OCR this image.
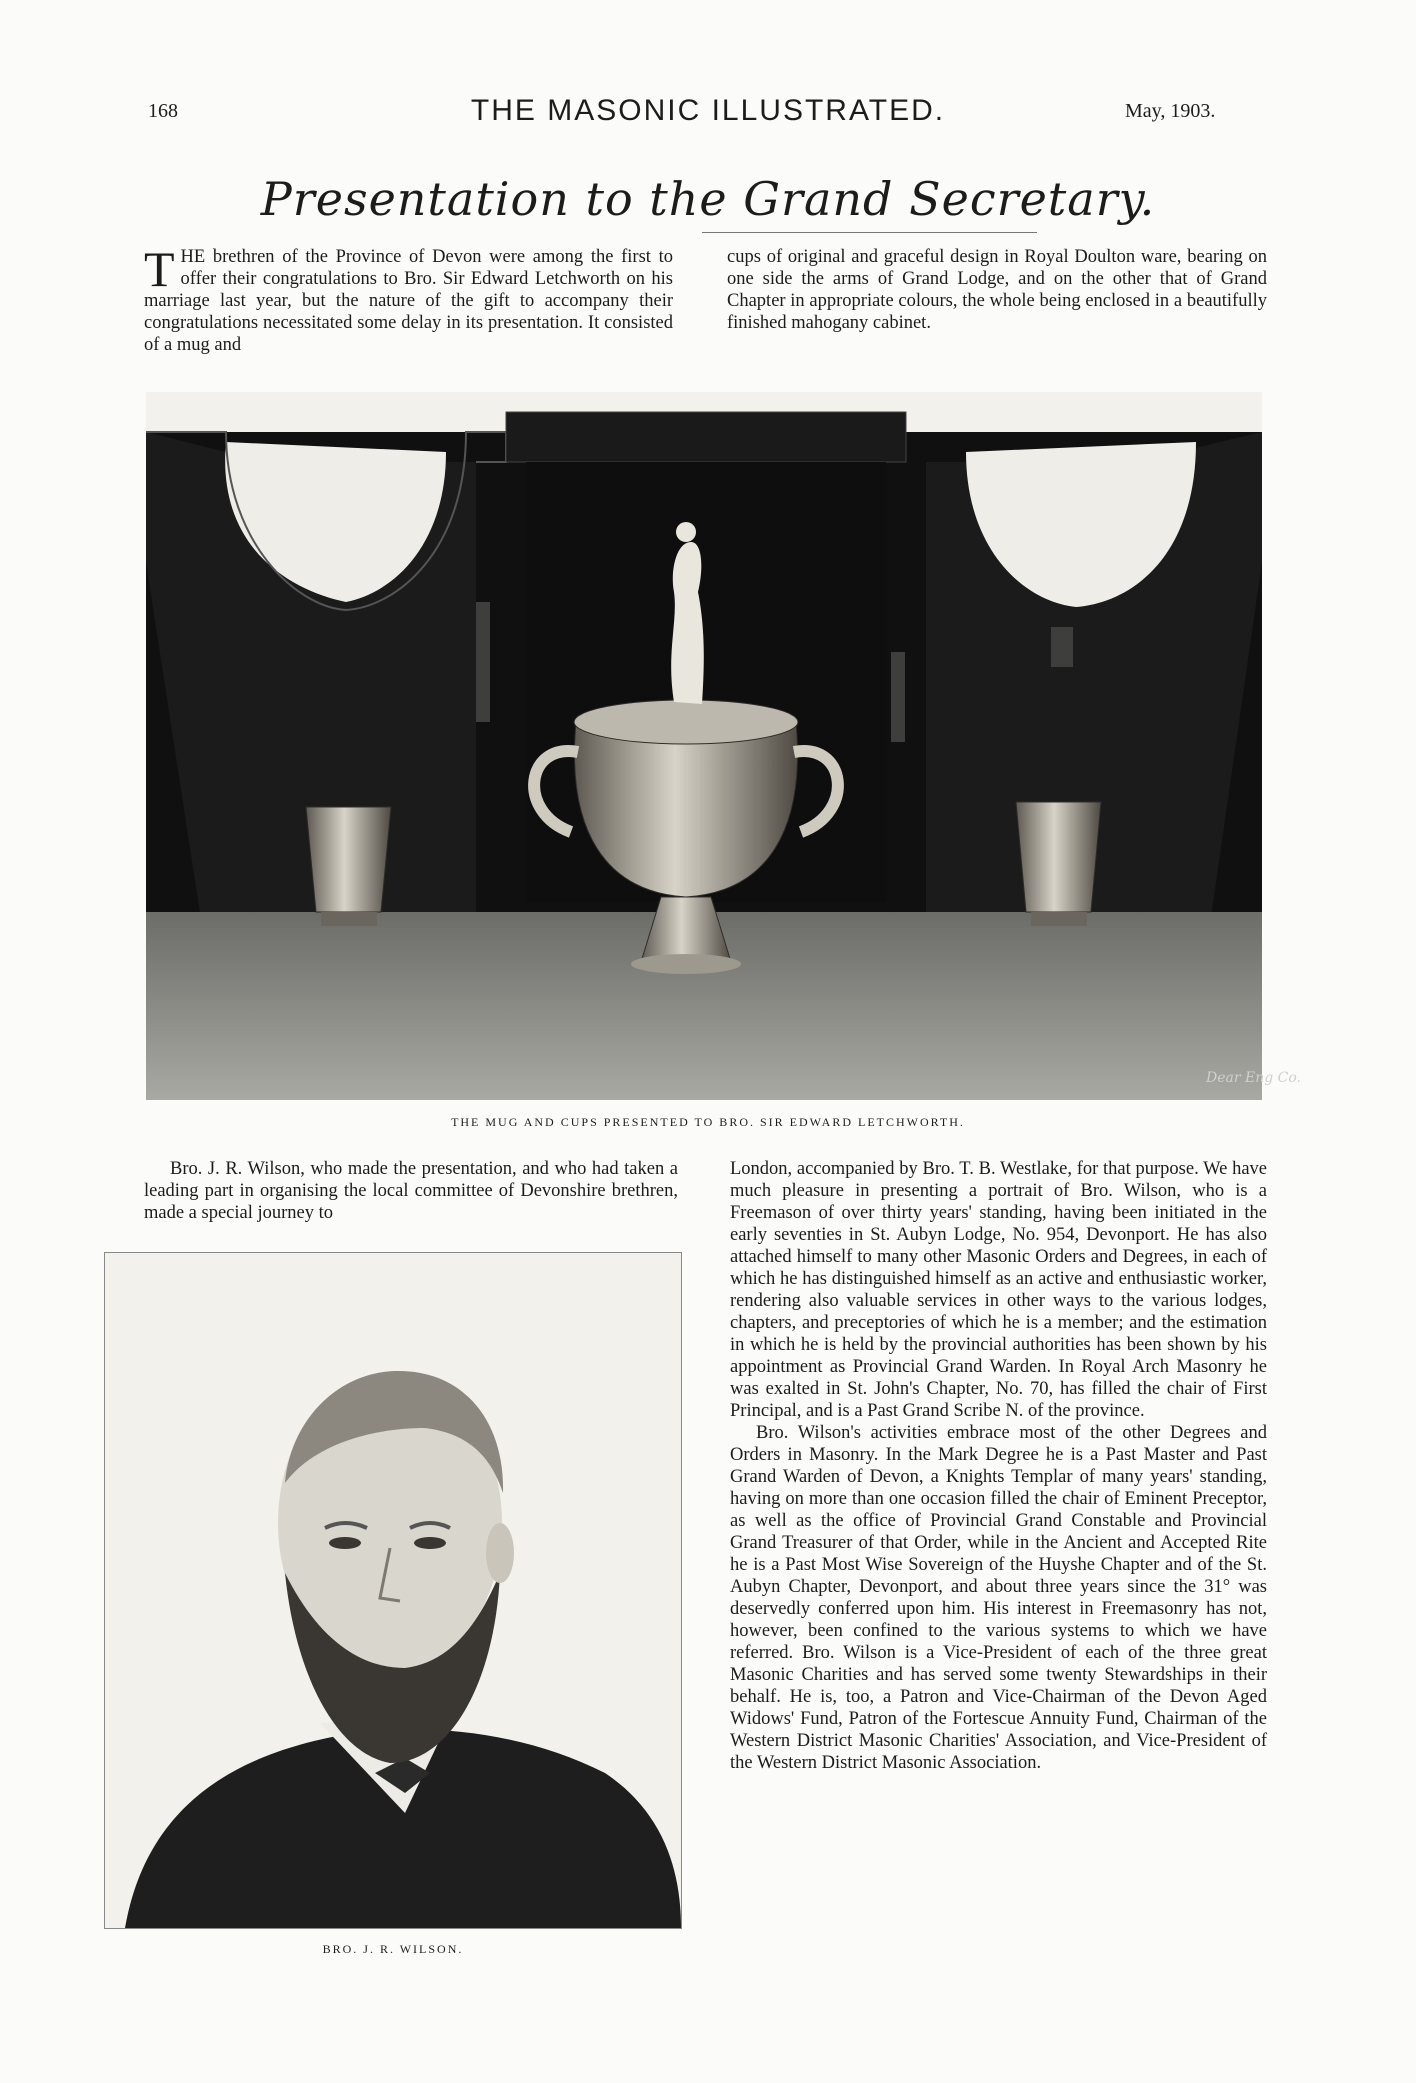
168	THE MASONIC ILLUSTRATED.	May, 1903.
Presentation to the Grand Secretary.
THE brethren of the Province of Devon were among the first to offer their congratulations to Bro. Sir Edward Letchworth on his marriage last year, but the nature of the gift to accompany their congratulations necessitated some delay in its presentation. It consisted of a mug and
cups of original and graceful design in Royal Doulton ware, bearing on one side the arms of Grand Lodge, and on the other that of Grand Chapter in appropriate colours, the whole being enclosed in a beautifully finished mahogany cabinet.
Dear Eng Co.
THE MUG AND CUPS PRESENTED TO BRO. SIR EDWARD LETCHWORTH.
Bro. J. R. Wilson, who made the presentation, and who had taken a leading part in organising the local committee of Devonshire brethren, made a special journey to
BRO. J. R. WILSON.

London, accompanied by Bro. T. B. Westlake, for that purpose. We have much pleasure in presenting a portrait of Bro. Wilson, who is a Freemason of over thirty years' standing, having been initiated in the early seventies in St. Aubyn Lodge, No. 954, Devonport. He has also attached himself to many other Masonic Orders and Degrees, in each of which he has distinguished himself as an active and enthusiastic worker, rendering also valuable services in other ways to the various lodges, chapters, and preceptories of which he is a member; and the estimation in which he is held by the provincial authorities has been shown by his appointment as Provincial Grand Warden. In Royal Arch Masonry he was exalted in St. John's Chapter, No. 70, has filled the chair of First Principal, and is a Past Grand Scribe N. of the province.

Bro. Wilson's activities embrace most of the other Degrees and Orders in Masonry. In the Mark Degree he is a Past Master and Past Grand Warden of Devon, a Knights Templar of many years' standing, having on more than one occasion filled the chair of Eminent Preceptor, as well as the office of Provincial Grand Constable and Provincial Grand Treasurer of that Order, while in the Ancient and Accepted Rite he is a Past Most Wise Sovereign of the Huyshe Chapter and of the St. Aubyn Chapter, Devonport, and about three years since the 31° was deservedly conferred upon him. His interest in Freemasonry has not, however, been confined to the various systems to which we have referred. Bro. Wilson is a Vice-President of each of the three great Masonic Charities and has served some twenty Stewardships in their behalf. He is, too, a Patron and Vice-Chairman of the Devon Aged Widows' Fund, Patron of the Fortescue Annuity Fund, Chairman of the Western District Masonic Charities' Association, and Vice-President of the Western District Masonic Association.
